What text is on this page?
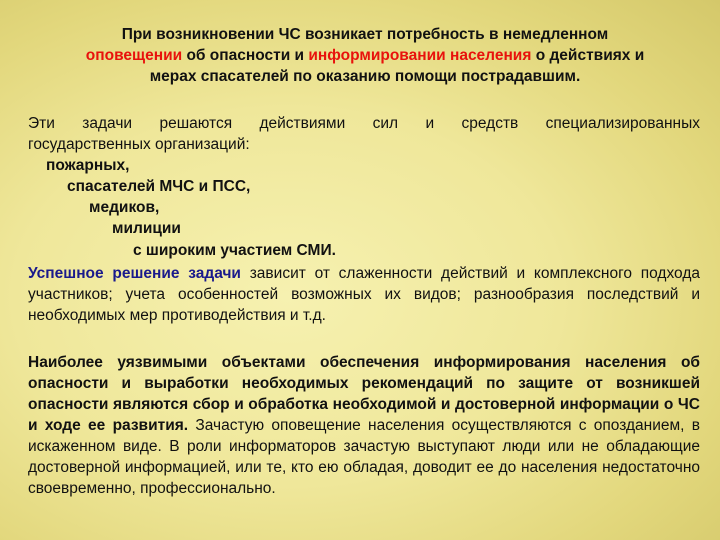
При возникновении ЧС возникает потребность в немедленном
оповещении об опасности и информировании населения о действиях и
мерах спасателей по оказанию помощи пострадавшим.
Эти задачи решаются действиями сил и средств специализированных
государственных организаций:
пожарных,
спасателей МЧС и ПСС,
медиков,
милиции
с широким участием СМИ.
Успешное решение задачи зависит от слаженности действий и комплексного подхода участников; учета особенностей возможных их видов; разнообразия последствий и необходимых мер противодействия и т.д.
Наиболее уязвимыми объектами обеспечения информирования населения об опасности и выработки необходимых рекомендаций по защите от возникшей опасности являются сбор и обработка необходимой и достоверной информации о ЧС и ходе ее развития. Зачастую оповещение населения осуществляются с опозданием, в искаженном виде. В роли информаторов зачастую выступают люди или не обладающие достоверной информацией, или те, кто ею обладая, доводит ее до населения недостаточно своевременно, профессионально.
